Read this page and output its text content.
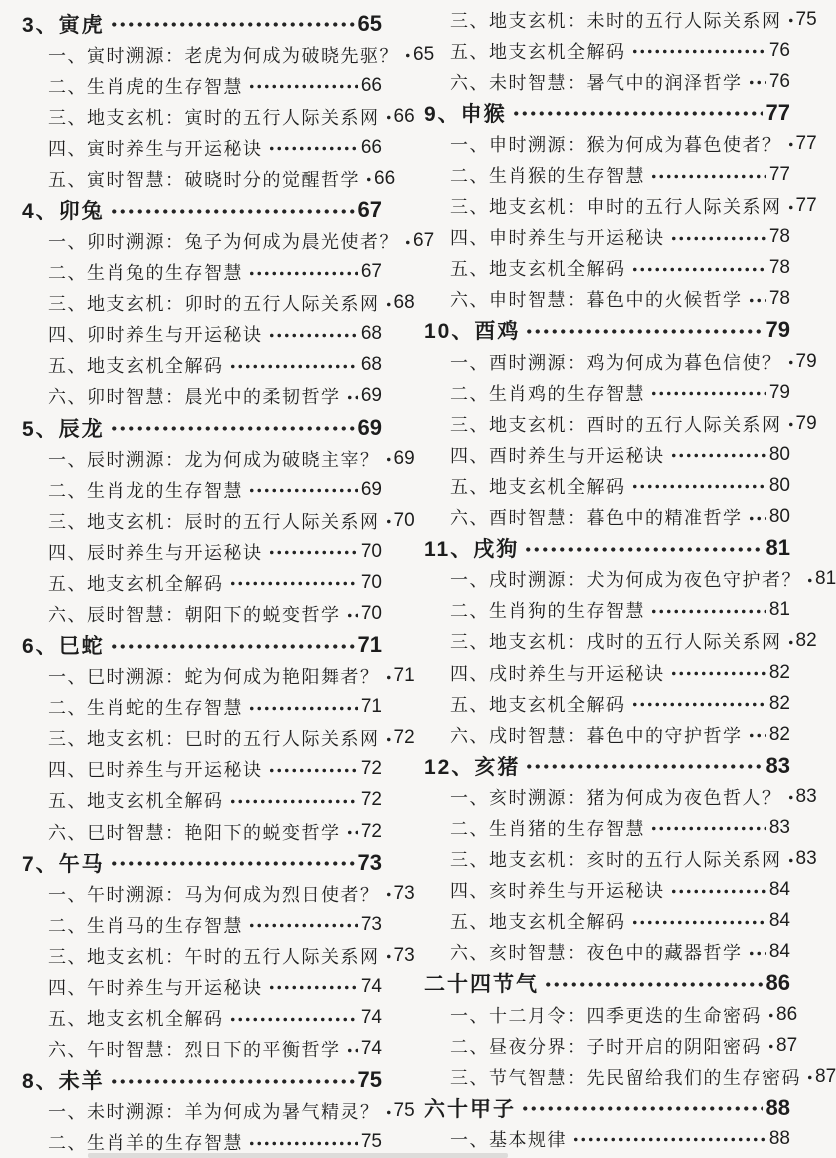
3、寅虎	65
一、寅时溯源：老虎为何成为破晓先驱？ 65
二、生肖虎的生存智慧	66
三、地支玄机：寅时的五行人际关系网 66
四、寅时养生与开运秘诀	66
五、寅时智慧：破晓时分的觉醒哲学 66
4、卯兔	67
一、卯时溯源：兔子为何成为晨光使者？ 67
二、生肖兔的生存智慧	67
三、地支玄机：卯时的五行人际关系网 68
四、卯时养生与开运秘诀	68
五、地支玄机全解码	68
六、卯时智慧：晨光中的柔韧哲学 69
5、辰龙	69
一、辰时溯源：龙为何成为破晓主宰？ 69
二、生肖龙的生存智慧	69
三、地支玄机：辰时的五行人际关系网 70
四、辰时养生与开运秘诀	70
五、地支玄机全解码	70
六、辰时智慧：朝阳下的蜕变哲学 70
6、巳蛇	71
一、巳时溯源：蛇为何成为艳阳舞者？ 71
二、生肖蛇的生存智慧	71
三、地支玄机：巳时的五行人际关系网 72
四、巳时养生与开运秘诀	72
五、地支玄机全解码	72
六、巳时智慧：艳阳下的蜕变哲学 72
7、午马	73
一、午时溯源：马为何成为烈日使者？ 73
二、生肖马的生存智慧	73
三、地支玄机：午时的五行人际关系网 73
四、午时养生与开运秘诀	74
五、地支玄机全解码	74
六、午时智慧：烈日下的平衡哲学 74
8、未羊	75
一、未时溯源：羊为何成为暑气精灵？ 75
二、生肖羊的生存智慧	75
三、地支玄机：未时的五行人际关系网 75
五、地支玄机全解码	76
六、未时智慧：暑气中的润泽哲学 76
9、申猴	77
一、申时溯源：猴为何成为暮色使者？ 77
二、生肖猴的生存智慧	77
三、地支玄机：申时的五行人际关系网 77
四、申时养生与开运秘诀	78
五、地支玄机全解码	78
六、申时智慧：暮色中的火候哲学 78
10、酉鸡	79
一、酉时溯源：鸡为何成为暮色信使？ 79
二、生肖鸡的生存智慧	79
三、地支玄机：酉时的五行人际关系网 79
四、酉时养生与开运秘诀	80
五、地支玄机全解码	80
六、酉时智慧：暮色中的精准哲学 80
11、戌狗	81
一、戌时溯源：犬为何成为夜色守护者？ 81
二、生肖狗的生存智慧	81
三、地支玄机：戌时的五行人际关系网 82
四、戌时养生与开运秘诀	82
五、地支玄机全解码	82
六、戌时智慧：暮色中的守护哲学 82
12、亥猪	83
一、亥时溯源：猪为何成为夜色哲人？ 83
二、生肖猪的生存智慧	83
三、地支玄机：亥时的五行人际关系网 83
四、亥时养生与开运秘诀	84
五、地支玄机全解码	84
六、亥时智慧：夜色中的藏器哲学 84
二十四节气	86
一、十二月令：四季更迭的生命密码 86
二、昼夜分界：子时开启的阴阳密码 87
三、节气智慧：先民留给我们的生存密码 87
六十甲子	88
一、基本规律	88
